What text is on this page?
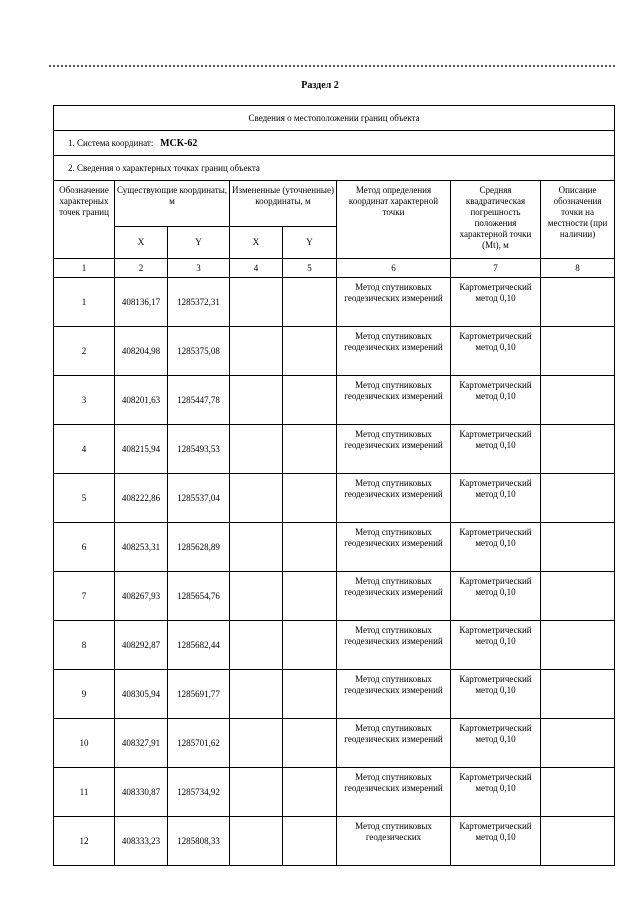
Раздел 2
Сведения о местоположении границ объекта							
1. Система координат: МСК-62							
2. Сведения о характерных точках границ объекта							
Обозначение характерных точек границ	Существующие координаты, м		Измененные (уточненные) координаты, м		Метод определения координат характерной точки	Средняя квадратическая погрешность положения характерной точки (Mt), м	Описание обозначения точки на местности (при наличии)
	X	Y	X	Y			
1	2	3	4	5	6	7	8
1	408136,17	1285372,31			Метод спутниковых геодезических измерений	Картометрический метод 0,10	
2	408204,98	1285375,08			Метод спутниковых геодезических измерений	Картометрический метод 0,10	
3	408201,63	1285447,78			Метод спутниковых геодезических измерений	Картометрический метод 0,10	
4	408215,94	1285493,53			Метод спутниковых геодезических измерений	Картометрический метод 0,10	
5	408222,86	1285537,04			Метод спутниковых геодезических измерений	Картометрический метод 0,10	
6	408253,31	1285628,89			Метод спутниковых геодезических измерений	Картометрический метод 0,10	
7	408267,93	1285654,76			Метод спутниковых геодезических измерений	Картометрический метод 0,10	
8	408292,87	1285682,44			Метод спутниковых геодезических измерений	Картометрический метод 0,10	
9	408305,94	1285691,77			Метод спутниковых геодезических измерений	Картометрический метод 0,10	
10	408327,91	1285701,62			Метод спутниковых геодезических измерений	Картометрический метод 0,10	
11	408330,87	1285734,92			Метод спутниковых геодезических измерений	Картометрический метод 0,10	
12	408333,23	1285808,33			Метод спутниковых геодезических	Картометрический метод 0,10	
